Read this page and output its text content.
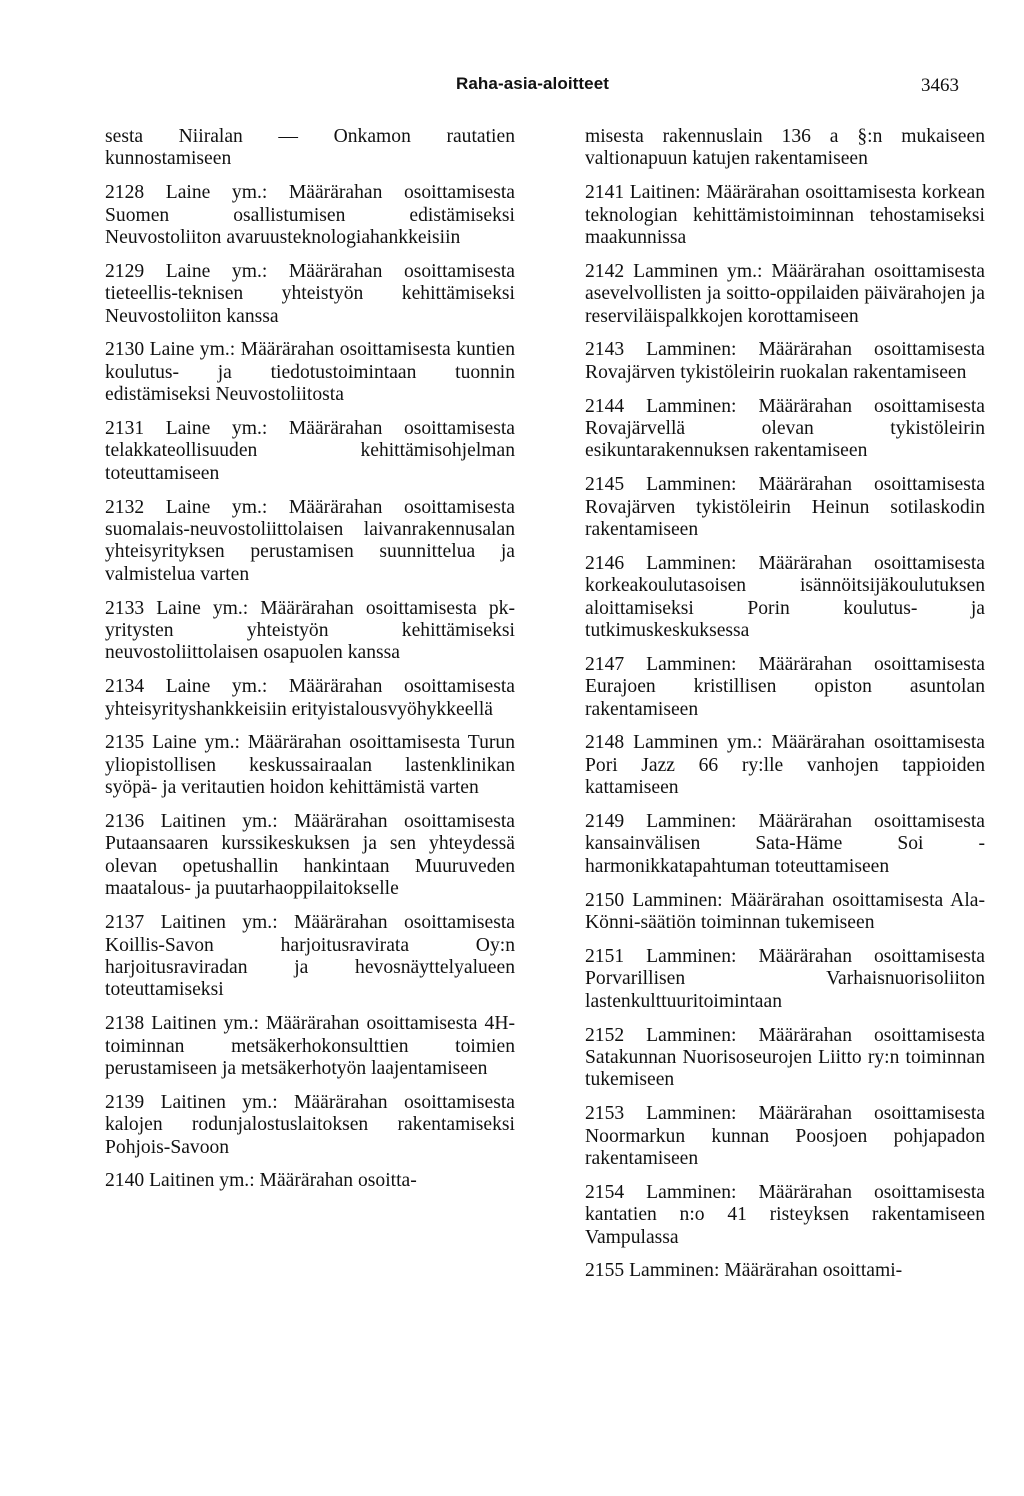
Raha-asia-aloitteet	3463

sesta Niiralan — Onkamon rautatien kunnostamiseen

2128 Laine ym.: Määrärahan osoittamisesta Suomen osallistumisen edistämiseksi Neuvostoliiton avaruusteknologiahankkeisiin

2129 Laine ym.: Määrärahan osoittamisesta tieteellis-teknisen yhteistyön kehittämiseksi Neuvostoliiton kanssa

2130 Laine ym.: Määrärahan osoittamisesta kuntien koulutus- ja tiedotustoimintaan tuonnin edistämiseksi Neuvostoliitosta

2131 Laine ym.: Määrärahan osoittamisesta telakkateollisuuden kehittämisohjelman toteuttamiseen

2132 Laine ym.: Määrärahan osoittamisesta suomalais-neuvostoliittolaisen laivanrakennusalan yhteisyrityksen perustamisen suunnittelua ja valmistelua varten

2133 Laine ym.: Määrärahan osoittamisesta pk-yritysten yhteistyön kehittämiseksi neuvostoliittolaisen osapuolen kanssa

2134 Laine ym.: Määrärahan osoittamisesta yhteisyrityshankkeisiin erityistalousvyöhykkeellä

2135 Laine ym.: Määrärahan osoittamisesta Turun yliopistollisen keskussairaalan lastenklinikan syöpä- ja veritautien hoidon kehittämistä varten

2136 Laitinen ym.: Määrärahan osoittamisesta Putaansaaren kurssikeskuksen ja sen yhteydessä olevan opetushallin hankintaan Muuruveden maatalous- ja puutarhaoppilaitokselle

2137 Laitinen ym.: Määrärahan osoittamisesta Koillis-Savon harjoitusravirata Oy:n harjoitusraviradan ja hevosnäyttelyalueen toteuttamiseksi

2138 Laitinen ym.: Määrärahan osoittamisesta 4H-toiminnan metsäkerhokonsulttien toimien perustamiseen ja metsäkerhotyön laajentamiseen

2139 Laitinen ym.: Määrärahan osoittamisesta kalojen rodunjalostuslaitoksen rakentamiseksi Pohjois-Savoon

2140 Laitinen ym.: Määrärahan osoitta-

misesta rakennuslain 136 a §:n mukaiseen valtionapuun katujen rakentamiseen

2141 Laitinen: Määrärahan osoittamisesta korkean teknologian kehittämistoiminnan tehostamiseksi maakunnissa

2142 Lamminen ym.: Määrärahan osoittamisesta asevelvollisten ja soitto-oppilaiden päivärahojen ja reserviläispalkkojen korottamiseen

2143 Lamminen: Määrärahan osoittamisesta Rovajärven tykistöleirin ruokalan rakentamiseen

2144 Lamminen: Määrärahan osoittamisesta Rovajärvellä olevan tykistöleirin esikuntarakennuksen rakentamiseen

2145 Lamminen: Määrärahan osoittamisesta Rovajärven tykistöleirin Heinun sotilaskodin rakentamiseen

2146 Lamminen: Määrärahan osoittamisesta korkeakoulutasoisen isännöitsijäkoulutuksen aloittamiseksi Porin koulutus- ja tutkimuskeskuksessa

2147 Lamminen: Määrärahan osoittamisesta Eurajoen kristillisen opiston asuntolan rakentamiseen

2148 Lamminen ym.: Määrärahan osoittamisesta Pori Jazz 66 ry:lle vanhojen tappioiden kattamiseen

2149 Lamminen: Määrärahan osoittamisesta kansainvälisen Sata-Häme Soi -harmonikkatapahtuman toteuttamiseen

2150 Lamminen: Määrärahan osoittamisesta Ala-Könni-säätiön toiminnan tukemiseen

2151 Lamminen: Määrärahan osoittamisesta Porvarillisen Varhaisnuorisoliiton lastenkulttuuritoimintaan

2152 Lamminen: Määrärahan osoittamisesta Satakunnan Nuorisoseurojen Liitto ry:n toiminnan tukemiseen

2153 Lamminen: Määrärahan osoittamisesta Noormarkun kunnan Poosjoen pohjapadon rakentamiseen

2154 Lamminen: Määrärahan osoittamisesta kantatien n:o 41 risteyksen rakentamiseen Vampulassa

2155 Lamminen: Määrärahan osoittami-
